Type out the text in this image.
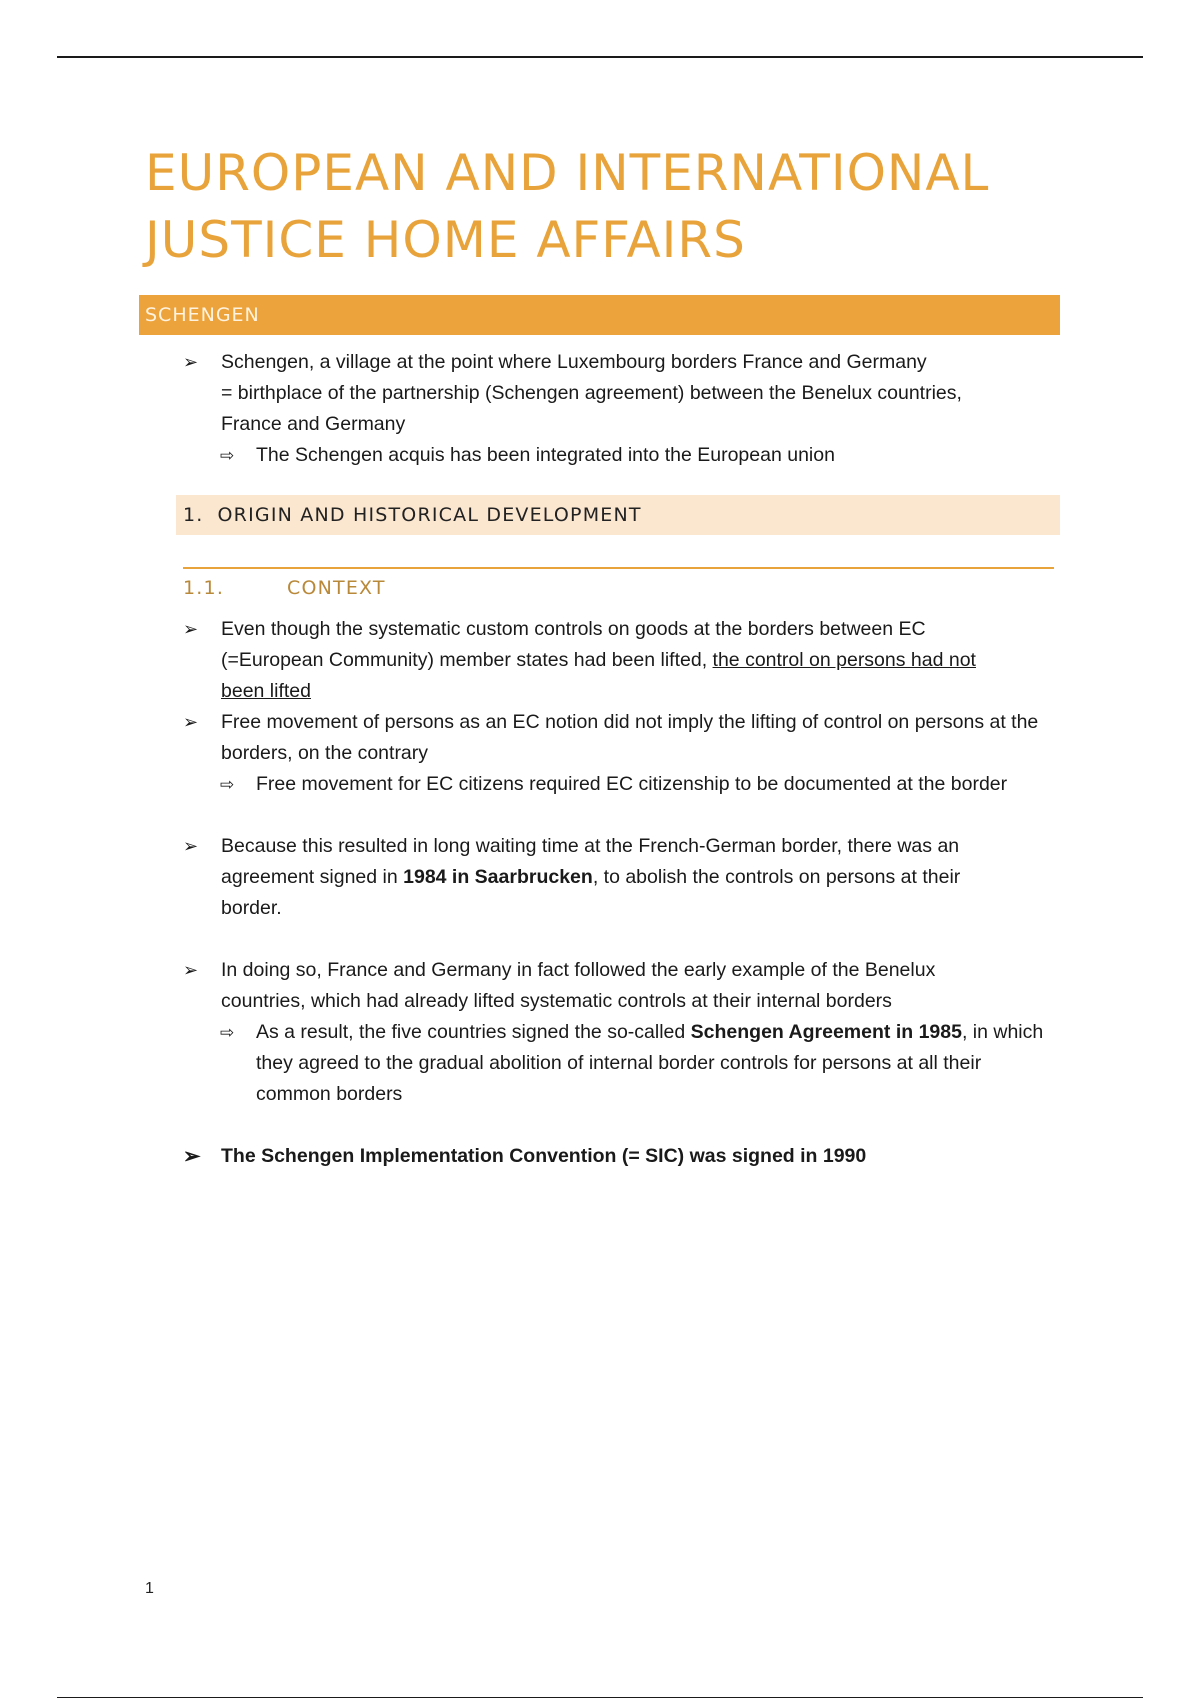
EUROPEAN AND INTERNATIONAL
JUSTICE HOME AFFAIRS
SCHENGEN
➢ Schengen, a village at the point where Luxembourg borders France and Germany
= birthplace of the partnership (Schengen agreement) between the Benelux countries, France and Germany
⇨ The Schengen acquis has been integrated into the European union
1. ORIGIN AND HISTORICAL DEVELOPMENT
1.1.	CONTEXT
➢ Even though the systematic custom controls on goods at the borders between EC (=European Community) member states had been lifted, the control on persons had not been lifted
➢ Free movement of persons as an EC notion did not imply the lifting of control on persons at the borders, on the contrary
⇨ Free movement for EC citizens required EC citizenship to be documented at the border
➢ Because this resulted in long waiting time at the French-German border, there was an agreement signed in 1984 in Saarbrucken, to abolish the controls on persons at their border.
➢ In doing so, France and Germany in fact followed the early example of the Benelux countries, which had already lifted systematic controls at their internal borders
⇨ As a result, the five countries signed the so-called Schengen Agreement in 1985, in which they agreed to the gradual abolition of internal border controls for persons at all their common borders
➢ The Schengen Implementation Convention (= SIC) was signed in 1990
1
